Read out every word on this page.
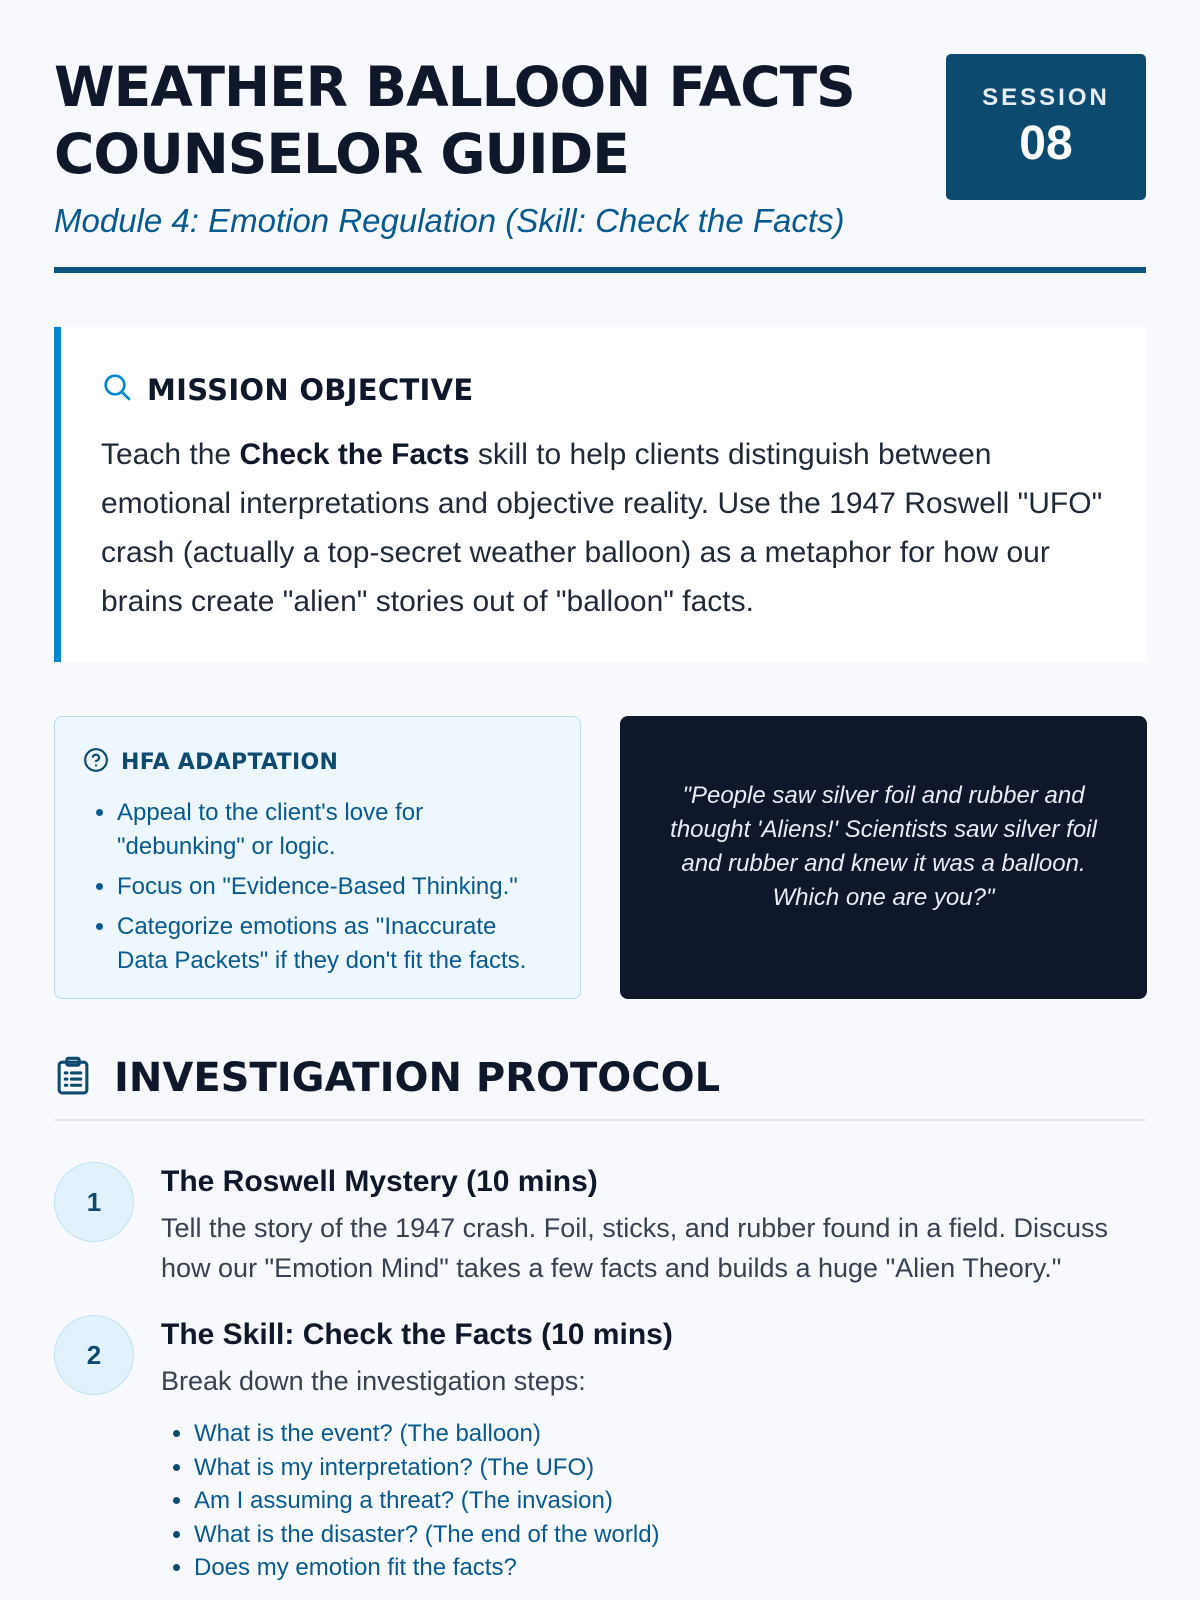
WEATHER BALLOON FACTS
COUNSELOR GUIDE
Module 4: Emotion Regulation (Skill: Check the Facts)
SESSION
08
MISSION OBJECTIVE

Teach the Check the Facts skill to help clients distinguish between emotional interpretations and objective reality. Use the 1947 Roswell "UFO" crash (actually a top-secret weather balloon) as a metaphor for how our brains create "alien" stories out of "balloon" facts.

HFA ADAPTATION
• Appeal to the client's love for "debunking" or logic.
• Focus on "Evidence-Based Thinking."
• Categorize emotions as "Inaccurate Data Packets" if they don't fit the facts.

"People saw silver foil and rubber and thought 'Aliens!' Scientists saw silver foil and rubber and knew it was a balloon. Which one are you?"

INVESTIGATION PROTOCOL
1
The Roswell Mystery (10 mins)

Tell the story of the 1947 crash. Foil, sticks, and rubber found in a field. Discuss how our "Emotion Mind" takes a few facts and builds a huge "Alien Theory."

2
The Skill: Check the Facts (10 mins)

Break down the investigation steps:

• What is the event? (The balloon)
• What is my interpretation? (The UFO)
• Am I assuming a threat? (The invasion)
• What is the disaster? (The end of the world)
• Does my emotion fit the facts?
